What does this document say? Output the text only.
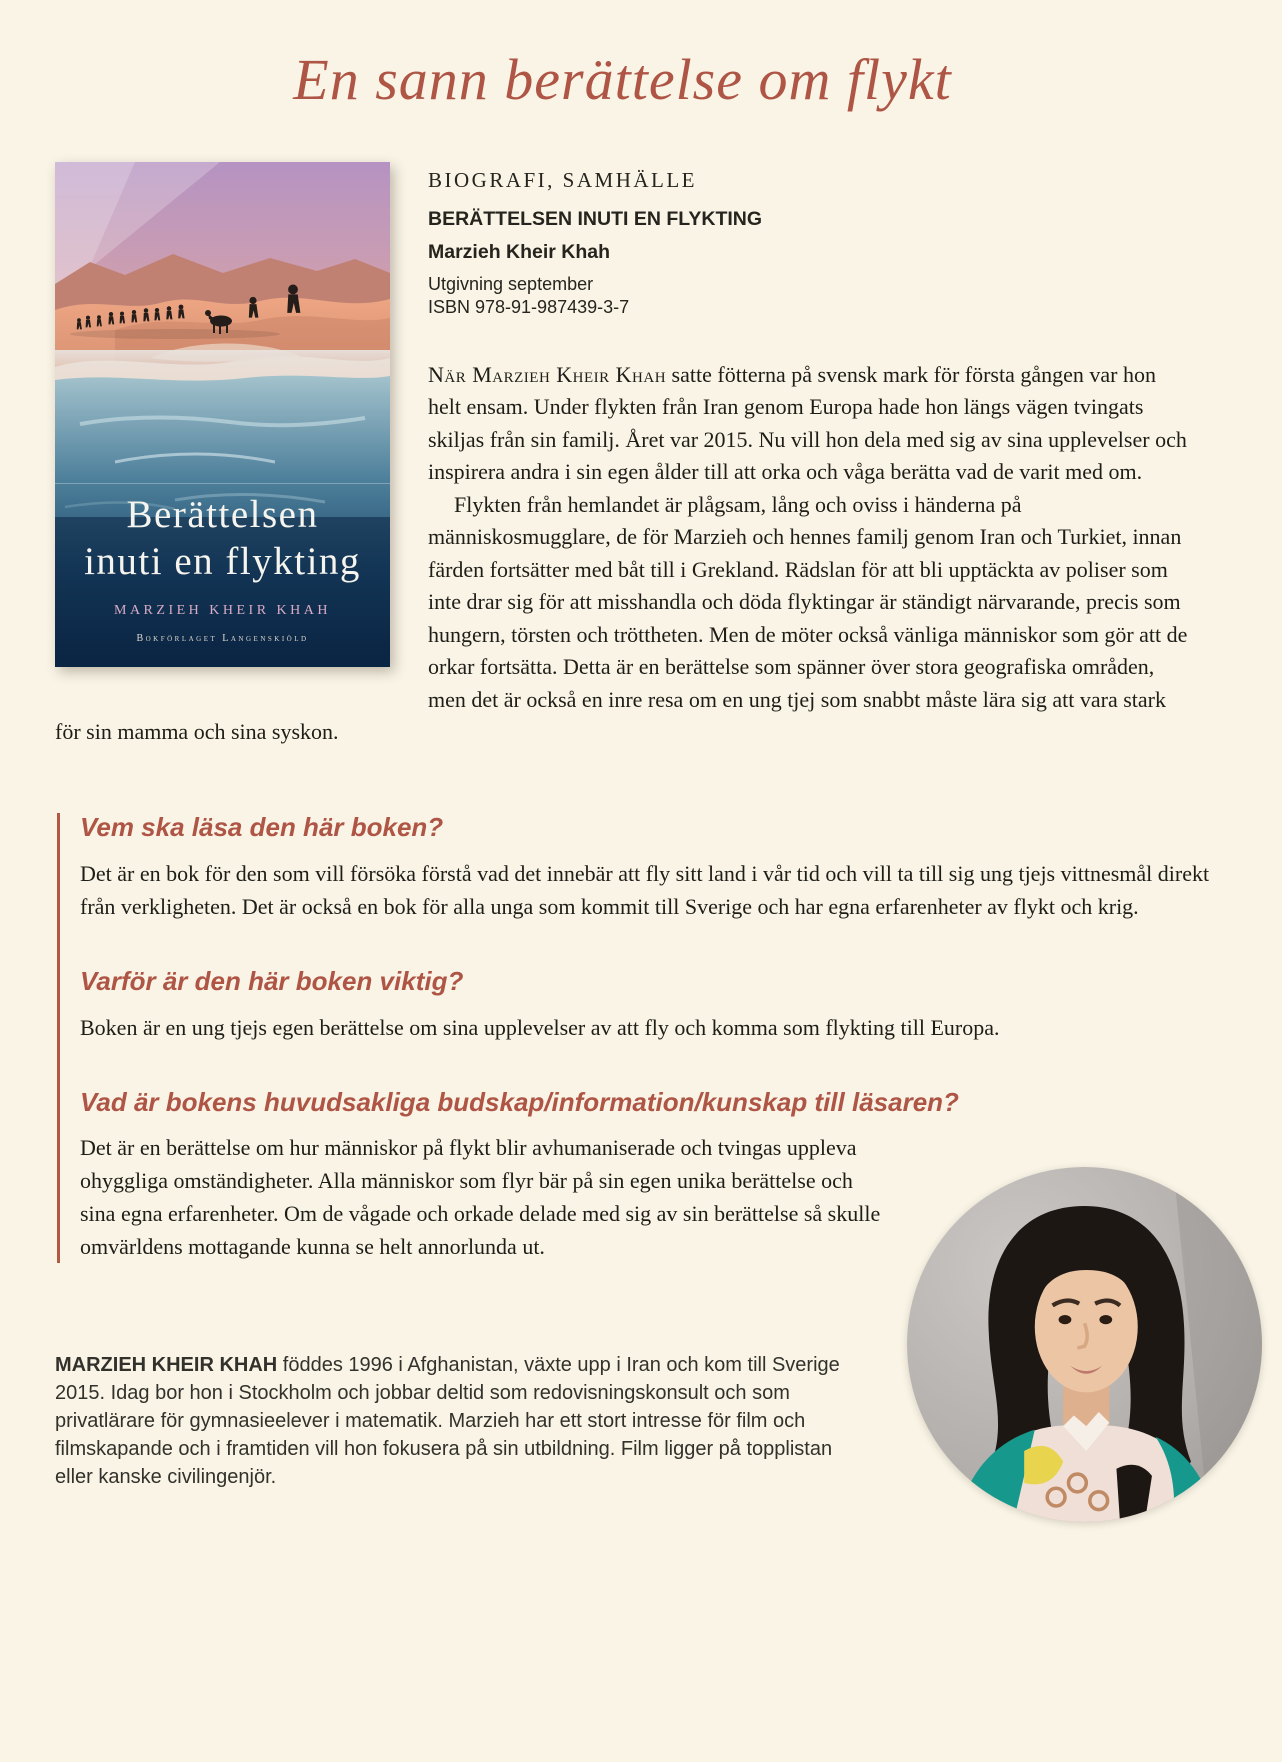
En sann berättelse om flykt
Berättelsen
inuti en flykting
MARZIEH KHEIR KHAH
Bokförlaget Langenskiöld
BIOGRAFI, SAMHÄLLE
BERÄTTELSEN INUTI EN FLYKTING
Marzieh Kheir Khah
Utgivning september
ISBN 978-91-987439-3-7

När Marzieh Kheir Khah satte fötterna på svensk mark för första gången var hon helt ensam. Under flykten från Iran genom Europa hade hon längs vägen tvingats skiljas från sin familj. Året var 2015. Nu vill hon dela med sig av sina upplevelser och inspirera andra i sin egen ålder till att orka och våga berätta vad de varit med om.

Flykten från hemlandet är plågsam, lång och oviss i händerna på människosmugglare, de för Marzieh och hennes familj genom Iran och Turkiet, innan färden fortsätter med båt till i Grekland. Rädslan för att bli upptäckta av poliser som inte drar sig för att misshandla och döda flyktingar är ständigt närvarande, precis som hungern, törsten och tröttheten. Men de möter också vänliga människor som gör att de orkar fortsätta. Detta är en berättelse som spänner över stora geografiska områden, men det är också en inre resa om en ung tjej som snabbt måste lära sig att vara stark för sin mamma och sina syskon.

Vem ska läsa den här boken?

Det är en bok för den som vill försöka förstå vad det innebär att fly sitt land i vår tid och vill ta till sig ung tjejs vittnesmål direkt från verkligheten. Det är också en bok för alla unga som kommit till Sverige och har egna erfarenheter av flykt och krig.

Varför är den här boken viktig?

Boken är en ung tjejs egen berättelse om sina upplevelser av att fly och komma som flykting till Europa.

Vad är bokens huvudsakliga budskap/information/kunskap till läsaren?

Det är en berättelse om hur människor på flykt blir avhumaniserade och tvingas uppleva ohyggliga omständigheter. Alla människor som flyr bär på sin egen unika berättelse och sina egna erfarenheter. Om de vågade och orkade delade med sig av sin berättelse så skulle omvärldens mottagande kunna se helt annorlunda ut.

MARZIEH KHEIR KHAH föddes 1996 i Afghanistan, växte upp i Iran och kom till Sverige 2015. Idag bor hon i Stockholm och jobbar deltid som redovisningskonsult och som privatlärare för gymnasieelever i matematik. Marzieh har ett stort intresse för film och filmskapande och i framtiden vill hon fokusera på sin utbildning. Film ligger på topplistan eller kanske civilingenjör.
